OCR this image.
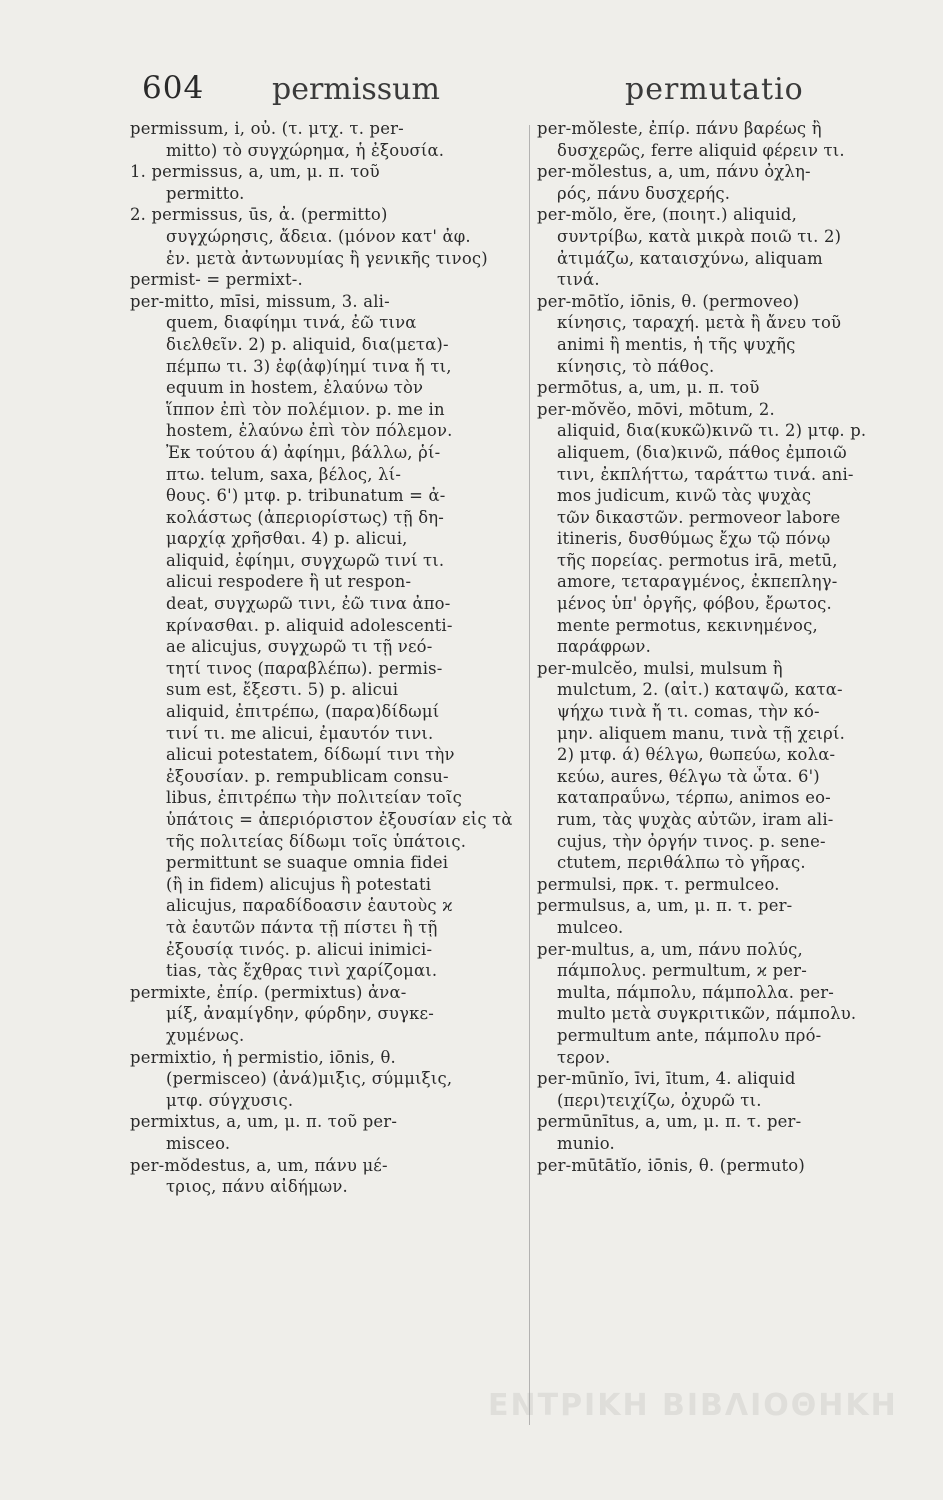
604 permissum	permutatio
permissum, i, οὐ. (τ. μτχ. τ. per-
mitto) τὸ συγχώρημα, ἡ ἐξουσία.
1. permissus, a, um, μ. π. τοῦ
permitto.
2. permissus, ūs, ἀ. (permitto)
συγχώρησις, ἄδεια. (μόνον κατ' ἀφ.
ἑν. μετὰ ἀντωνυμίας ἢ γενικῆς τινος)
permist- = permixt-.
per-mitto, mīsi, missum, 3. ali-
quem, διαφίημι τινά, ἐῶ τινα
διελθεῖν. 2) p. aliquid, δια(μετα)-
πέμπω τι. 3) ἐφ(ἀφ)ίημί τινα ἤ τι,
equum in hostem, ἐλαύνω τὸν
ἵππον ἐπὶ τὸν πολέμιον. p. me in
hostem, ἐλαύνω ἐπὶ τὸν πόλεμον.
Ἐκ τούτου ά) ἀφίημι, βάλλω, ῥί-
πτω. telum, saxa, βέλος, λί-
θους. 6') μτφ. p. tribunatum = ἀ-
κολάστως (ἀπεριορίστως) τῇ δη-
μαρχίᾳ χρῆσθαι. 4) p. alicui,
aliquid, ἐφίημι, συγχωρῶ τινί τι.
alicui respodere ἢ ut respon-
deat, συγχωρῶ τινι, ἐῶ τινα ἀπο-
κρίνασθαι. p. aliquid adolescenti-
ae alicujus, συγχωρῶ τι τῇ νεό-
τητί τινος (παραβλέπω). permis-
sum est, ἔξεστι. 5) p. alicui
aliquid, ἐπιτρέπω, (παρα)δίδωμί
τινί τι. me alicui, ἐμαυτόν τινι.
alicui potestatem, δίδωμί τινι τὴν
ἐξουσίαν. p. rempublicam consu-
libus, ἐπιτρέπω τὴν πολιτείαν τοῖς
ὑπάτοις = ἀπεριόριστον ἐξουσίαν εἰς τὰ
τῆς πολιτείας δίδωμι τοῖς ὑπάτοις.
permittunt se suaque omnia fidei
(ἢ in fidem) alicujus ἢ potestati
alicujus, παραδίδοασιν ἑαυτοὺς ϰ
τὰ ἑαυτῶν πάντα τῇ πίστει ἢ τῇ
ἐξουσίᾳ τινός. p. alicui inimici-
tias, τὰς ἔχθρας τινὶ χαρίζομαι.
permixte, ἐπίρ. (permixtus) ἀνα-
μίξ, ἀναμίγδην, φύρδην, συγκε-
χυμένως.
permixtio, ἡ permistio, iōnis, θ.
(permisceo) (ἀνά)μιξις, σύμμιξις,
μτφ. σύγχυσις.
permixtus, a, um, μ. π. τοῦ per-
misceo.
per-mŏdestus, a, um, πάνυ μέ-
τριος, πάνυ αἰδήμων.
per-mŏleste, ἐπίρ. πάνυ βαρέως ἢ
δυσχερῶς, ferre aliquid φέρειν τι.
per-mŏlestus, a, um, πάνυ ὀχλη-
ρός, πάνυ δυσχερής.
per-mŏlo, ĕre, (ποιητ.) aliquid,
συντρίβω, κατὰ μικρὰ ποιῶ τι. 2)
ἀτιμάζω, καταισχύνω, aliquam
τινά.
per-mōtĭo, iōnis, θ. (permoveo)
κίνησις, ταραχή. μετὰ ἢ ἄνευ τοῦ
animi ἢ mentis, ἡ τῆς ψυχῆς
κίνησις, τὸ πάθος.
permōtus, a, um, μ. π. τοῦ
per-mŏvĕo, mōvi, mōtum, 2.
aliquid, δια(κυκῶ)κινῶ τι. 2) μτφ. p.
aliquem, (δια)κινῶ, πάθος ἐμποιῶ
τινι, ἐκπλήττω, ταράττω τινά. ani-
mos judicum, κινῶ τὰς ψυχὰς
τῶν δικαστῶν. permoveor labore
itineris, δυσθύμως ἔχω τῷ πόνῳ
τῆς πορείας. permotus irā, metū,
amore, τεταραγμένος, ἐκπεπληγ-
μένος ὑπ' ὀργῆς, φόβου, ἔρωτος.
mente permotus, κεκινημένος,
παράφρων.
per-mulcĕo, mulsi, mulsum ἢ
mulctum, 2. (αἰτ.) καταψῶ, κατα-
ψήχω τινὰ ἤ τι. comas, τὴν κό-
μην. aliquem manu, τινὰ τῇ χειρί.
2) μτφ. ά) θέλγω, θωπεύω, κολα-
κεύω, aures, θέλγω τὰ ὦτα. 6')
καταπραΰνω, τέρπω, animos eo-
rum, τὰς ψυχὰς αὐτῶν, iram ali-
cujus, τὴν ὀργήν τινος. p. sene-
ctutem, περιθάλπω τὸ γῆρας.
permulsi, πρκ. τ. permulceo.
permulsus, a, um, μ. π. τ. per-
mulceo.
per-multus, a, um, πάνυ πολύς,
πάμπολυς. permultum, ϰ per-
multa, πάμπολυ, πάμπολλα. per-
multo μετὰ συγκριτικῶν, πάμπολυ.
permultum ante, πάμπολυ πρό-
τερον.
per-mūnĭo, īvi, ītum, 4. aliquid
(περι)τειχίζω, ὀχυρῶ τι.
permūnītus, a, um, μ. π. τ. per-
munio.
per-mūtātĭo, iōnis, θ. (permuto)
ΕΝΤΡΙΚΗ ΒΙΒΛΙΟΘΗΚΗ
